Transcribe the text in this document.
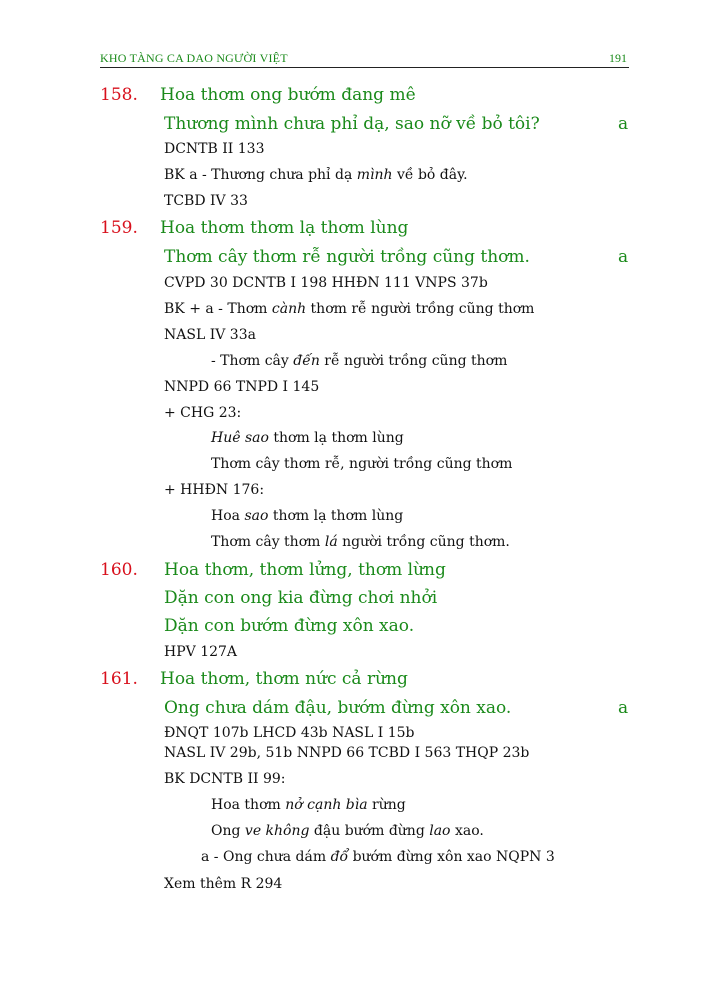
KHO TÀNG CA DAO NGƯỜI VIỆT	191
158. Hoa thơm ong bướm đang mê
Thương mình chưa phỉ dạ, sao nỡ về bỏ tôi?	a
DCNTB II 133
BK a - Thương chưa phỉ dạ mình về bỏ đây.
TCBD IV 33
159. Hoa thơm thơm lạ thơm lùng
Thơm cây thơm rễ người trồng cũng thơm.	a
CVPD 30 DCNTB I 198 HHĐN 111 VNPS 37b
BK + a - Thơm cành thơm rễ người trồng cũng thơm
NASL IV 33a
- Thơm cây đến rễ người trồng cũng thơm
NNPD 66 TNPD I 145
+ CHG 23:
Huê sao thơm lạ thơm lùng
Thơm cây thơm rễ, người trồng cũng thơm
+ HHĐN 176:
Hoa sao thơm lạ thơm lùng
Thơm cây thơm lá người trồng cũng thơm.
160. Hoa thơm, thơm lửng, thơm lừng
Dặn con ong kia đừng chơi nhởi
Dặn con bướm đừng xôn xao.
HPV 127A
161. Hoa thơm, thơm nức cả rừng
Ong chưa dám đậu, bướm đừng xôn xao.	a
ĐNQT 107b LHCD 43b NASL I 15b
NASL IV 29b, 51b NNPD 66 TCBD I 563 THQP 23b
BK DCNTB II 99:
Hoa thơm nở cạnh bìa rừng
Ong ve không đậu bướm đừng lao xao.
a - Ong chưa dám đổ bướm đừng xôn xao NQPN 3
Xem thêm R 294
